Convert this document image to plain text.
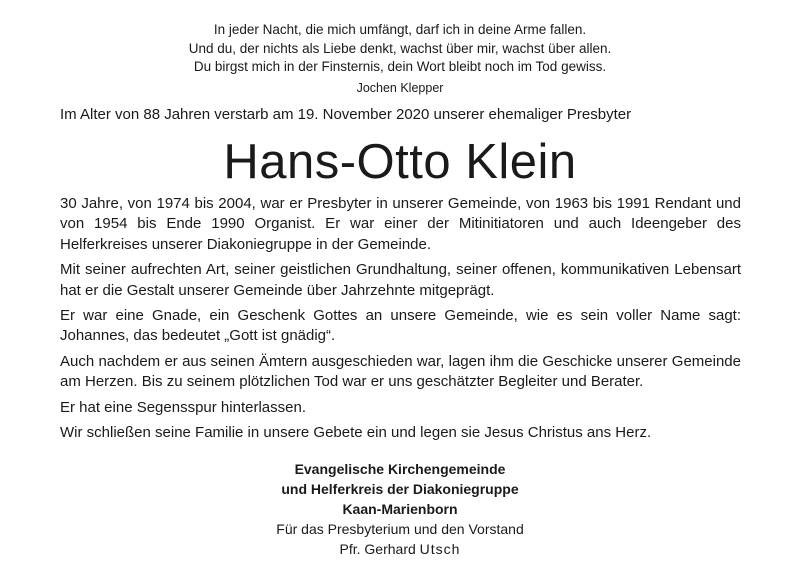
In jeder Nacht, die mich umfängt, darf ich in deine Arme fallen.
Und du, der nichts als Liebe denkt, wachst über mir, wachst über allen.
Du birgst mich in der Finsternis, dein Wort bleibt noch im Tod gewiss.
Jochen Klepper
Im Alter von 88 Jahren verstarb am 19. November 2020 unserer ehemaliger Presbyter
Hans-Otto Klein

30 Jahre, von 1974 bis 2004, war er Presbyter in unserer Gemeinde, von 1963 bis 1991 Rendant und von 1954 bis Ende 1990 Organist. Er war einer der Mitinitiatoren und auch Ideengeber des Helferkreises unserer Diakoniegruppe in der Gemeinde.

Mit seiner aufrechten Art, seiner geistlichen Grundhaltung, seiner offenen, kommunikativen Lebensart hat er die Gestalt unserer Gemeinde über Jahrzehnte mitgeprägt.

Er war eine Gnade, ein Geschenk Gottes an unsere Gemeinde, wie es sein voller Name sagt: Johannes, das bedeutet „Gott ist gnädig“.

Auch nachdem er aus seinen Ämtern ausgeschieden war, lagen ihm die Geschicke unserer Gemeinde am Herzen. Bis zu seinem plötzlichen Tod war er uns geschätzter Begleiter und Berater.

Er hat eine Segensspur hinterlassen.

Wir schließen seine Familie in unsere Gebete ein und legen sie Jesus Christus ans Herz.

Evangelische Kirchengemeinde
und Helferkreis der Diakoniegruppe
Kaan-Marienborn
Für das Presbyterium und den Vorstand
Pfr. Gerhard Utsch
